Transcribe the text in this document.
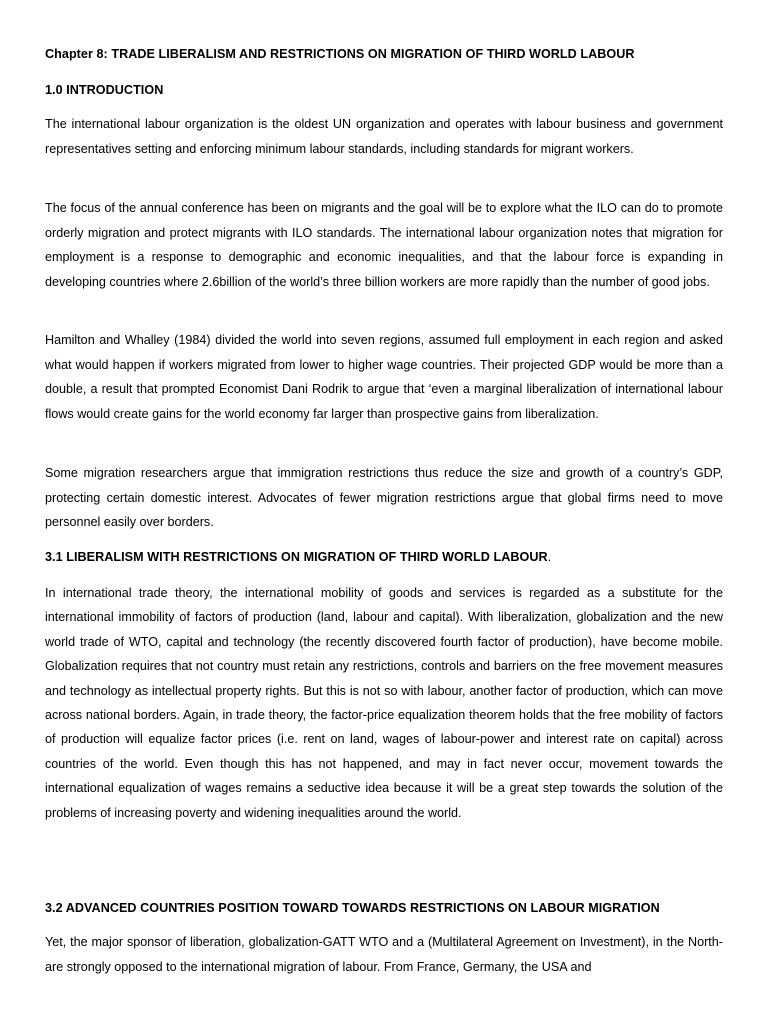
Chapter 8: TRADE LIBERALISM AND RESTRICTIONS ON MIGRATION OF THIRD WORLD LABOUR
1.0 INTRODUCTION
The international labour organization is the oldest UN organization and operates with labour business and government representatives setting and enforcing minimum labour standards, including standards for migrant workers.
The focus of the annual conference has been on migrants and the goal will be to explore what the ILO can do to promote orderly migration and protect migrants with ILO standards. The international labour organization notes that migration for employment is a response to demographic and economic inequalities, and that the labour force is expanding in developing countries where 2.6billion of the world’s three billion workers are more rapidly than the number of good jobs.
Hamilton and Whalley (1984) divided the world into seven regions, assumed full employment in each region and asked what would happen if workers migrated from lower to higher wage countries. Their projected GDP would be more than a double, a result that prompted Economist Dani Rodrik to argue that ‘even a marginal liberalization of international labour flows would create gains for the world economy far larger than prospective gains from liberalization.
Some migration researchers argue that immigration restrictions thus reduce the size and growth of a country’s GDP, protecting certain domestic interest. Advocates of fewer migration restrictions argue that global firms need to move personnel easily over borders.
3.1 LIBERALISM WITH RESTRICTIONS ON MIGRATION OF THIRD WORLD LABOUR.
In international trade theory, the international mobility of goods and services is regarded as a substitute for the international immobility of factors of production (land, labour and capital). With liberalization, globalization and the new world trade of WTO, capital and technology (the recently discovered fourth factor of production), have become mobile. Globalization requires that not country must retain any restrictions, controls and barriers on the free movement measures and technology as intellectual property rights. But this is not so with labour, another factor of production, which can move across national borders. Again, in trade theory, the factor-price equalization theorem holds that the free mobility of factors of production will equalize factor prices (i.e. rent on land, wages of labour-power and interest rate on capital) across countries of the world. Even though this has not happened, and may in fact never occur, movement towards the international equalization of wages remains a seductive idea because it will be a great step towards the solution of the problems of increasing poverty and widening inequalities around the world.
3.2 ADVANCED COUNTRIES POSITION TOWARD TOWARDS RESTRICTIONS ON LABOUR MIGRATION
Yet, the major sponsor of liberation, globalization-GATT WTO and a (Multilateral Agreement on Investment), in the North- are strongly opposed to the international migration of labour. From France, Germany, the USA and
